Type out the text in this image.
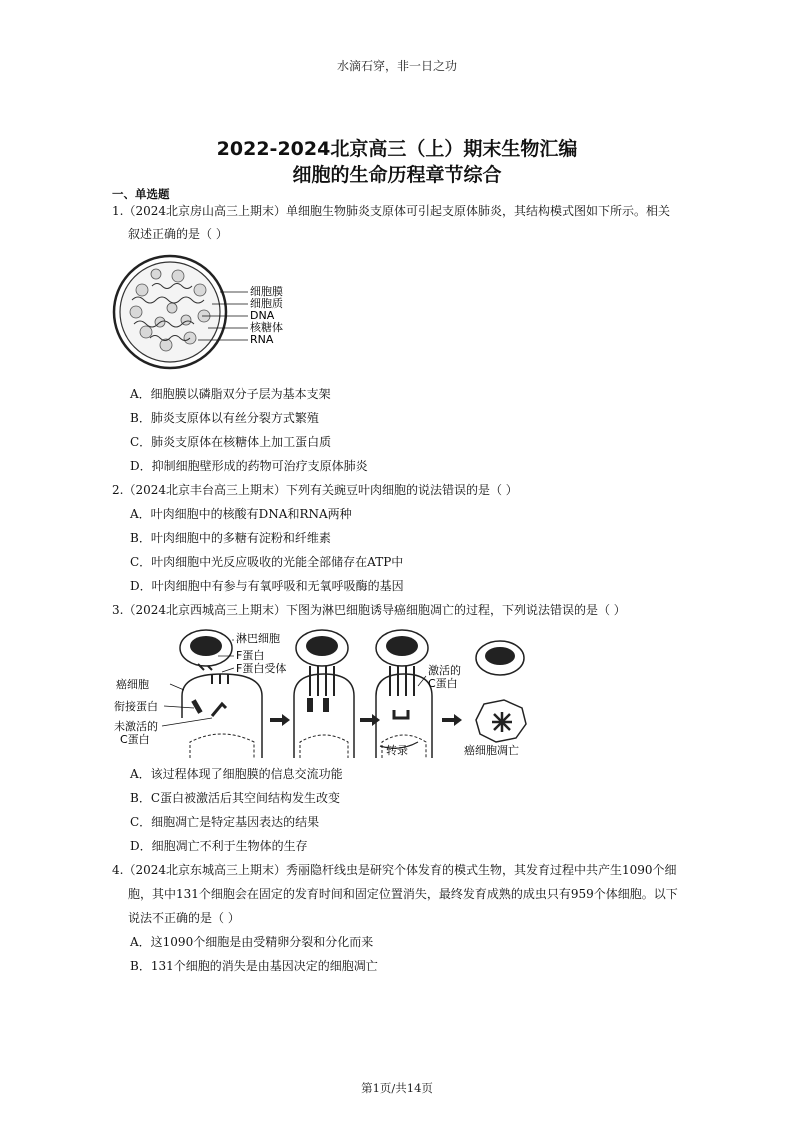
水滴石穿，非一日之功
2022-2024北京高三（上）期末生物汇编
细胞的生命历程章节综合
一、单选题
1.（2024北京房山高三上期末）单细胞生物肺炎支原体可引起支原体肺炎，其结构模式图如下所示。相关
叙述正确的是（ ）
细胞膜
细胞质
DNA
核糖体
RNA
A．细胞膜以磷脂双分子层为基本支架
B．肺炎支原体以有丝分裂方式繁殖
C．肺炎支原体在核糖体上加工蛋白质
D．抑制细胞壁形成的药物可治疗支原体肺炎
2.（2024北京丰台高三上期末）下列有关豌豆叶肉细胞的说法错误的是（ ）
A．叶肉细胞中的核酸有DNA和RNA两种
B．叶肉细胞中的多糖有淀粉和纤维素
C．叶肉细胞中光反应吸收的光能全部储存在ATP中
D．叶肉细胞中有参与有氧呼吸和无氧呼吸酶的基因
3.（2024北京西城高三上期末）下图为淋巴细胞诱导癌细胞凋亡的过程，下列说法错误的是（ ）
淋巴细胞
F蛋白
F蛋白受体
癌细胞
衔接蛋白
未激活的
C蛋白
激活的
C蛋白
转录	癌细胞凋亡
A．该过程体现了细胞膜的信息交流功能
B．C蛋白被激活后其空间结构发生改变
C．细胞凋亡是特定基因表达的结果
D．细胞凋亡不利于生物体的生存
4.（2024北京东城高三上期末）秀丽隐杆线虫是研究个体发育的模式生物，其发育过程中共产生1090个细
胞，其中131个细胞会在固定的发育时间和固定位置消失，最终发育成熟的成虫只有959个体细胞。以下
说法不正确的是（ ）
A．这1090个细胞是由受精卵分裂和分化而来
B．131个细胞的消失是由基因决定的细胞凋亡
第1页/共14页
